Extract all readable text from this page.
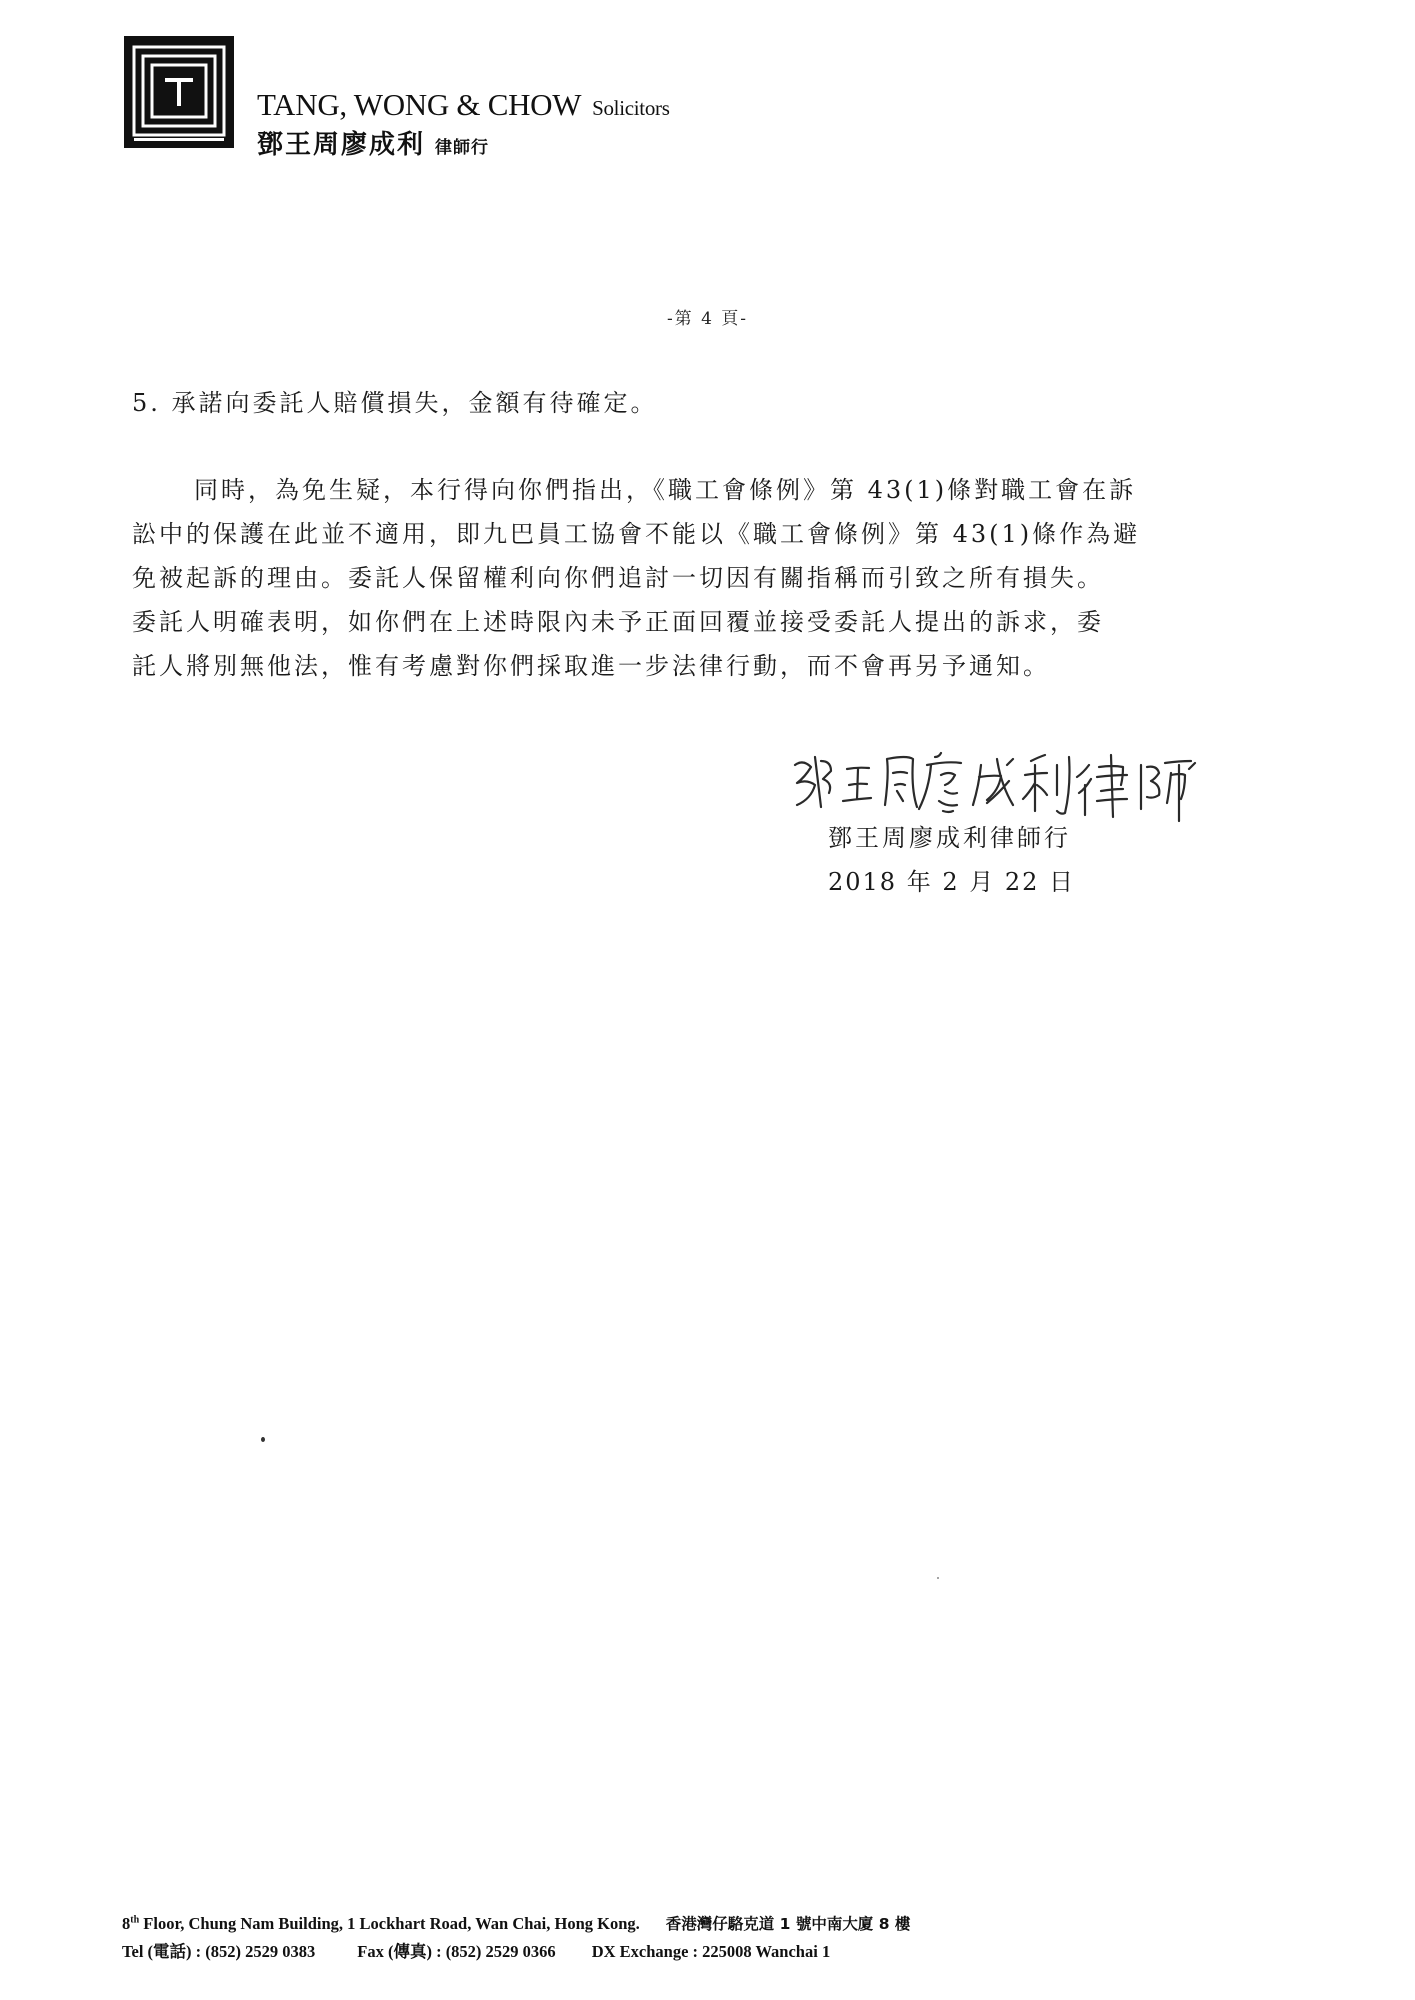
TANG, WONG & CHOW Solicitors
鄧王周廖成利 律師行
-第 4 頁-
5. 承諾向委託人賠償損失，金額有待確定。
同時，為免生疑，本行得向你們指出，《職工會條例》第 43(1)條對職工會在訴
訟中的保護在此並不適用，即九巴員工協會不能以《職工會條例》第 43(1)條作為避
免被起訴的理由。委託人保留權利向你們追討一切因有關指稱而引致之所有損失。
委託人明確表明，如你們在上述時限內未予正面回覆並接受委託人提出的訴求，委
託人將別無他法，惟有考慮對你們採取進一步法律行動，而不會再另予通知。
鄧王周廖成利律師行
2018 年 2 月 22 日
8th Floor, Chung Nam Building, 1 Lockhart Road, Wan Chai, Hong Kong. 香港灣仔駱克道 1 號中南大廈 8 樓
Tel (電話) : (852) 2529 0383	Fax (傳真) : (852) 2529 0366 DX Exchange : 225008 Wanchai 1
